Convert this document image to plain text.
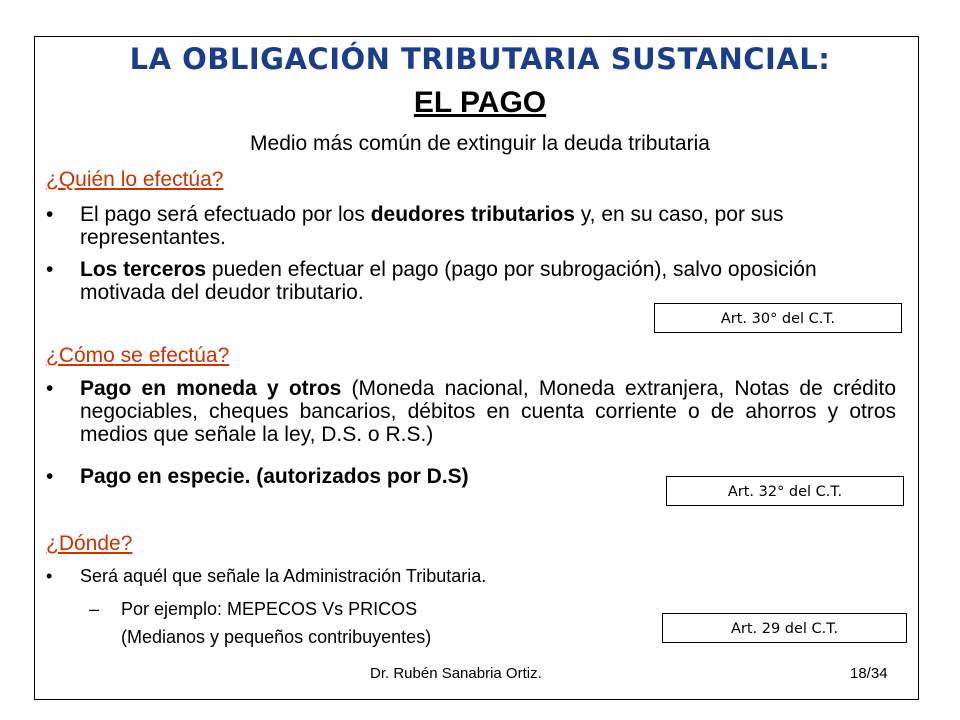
LA OBLIGACIÓN TRIBUTARIA SUSTANCIAL:
EL PAGO

Medio más común de extinguir la deuda tributaria

¿Quién lo efectúa?

• El pago será efectuado por los deudores tributarios y, en su caso, por sus representantes.
• Los terceros pueden efectuar el pago (pago por subrogación), salvo oposición motivada del deudor tributario.
Art. 30° del C.T.

¿Cómo se efectúa?

• Pago en moneda y otros (Moneda nacional, Moneda extranjera, Notas de crédito negociables, cheques bancarios, débitos en cuenta corriente o de ahorros y otros medios que señale la ley, D.S. o R.S.)
• Pago en especie. (autorizados por D.S)
Art. 32° del C.T.

¿Dónde?

• Será aquél que señale la Administración Tributaria.
– Por ejemplo: MEPECOS Vs PRICOS

(Medianos y pequeños contribuyentes)	Art. 29 del C.T.
Dr. Rubén Sanabria Ortiz.	18/34
